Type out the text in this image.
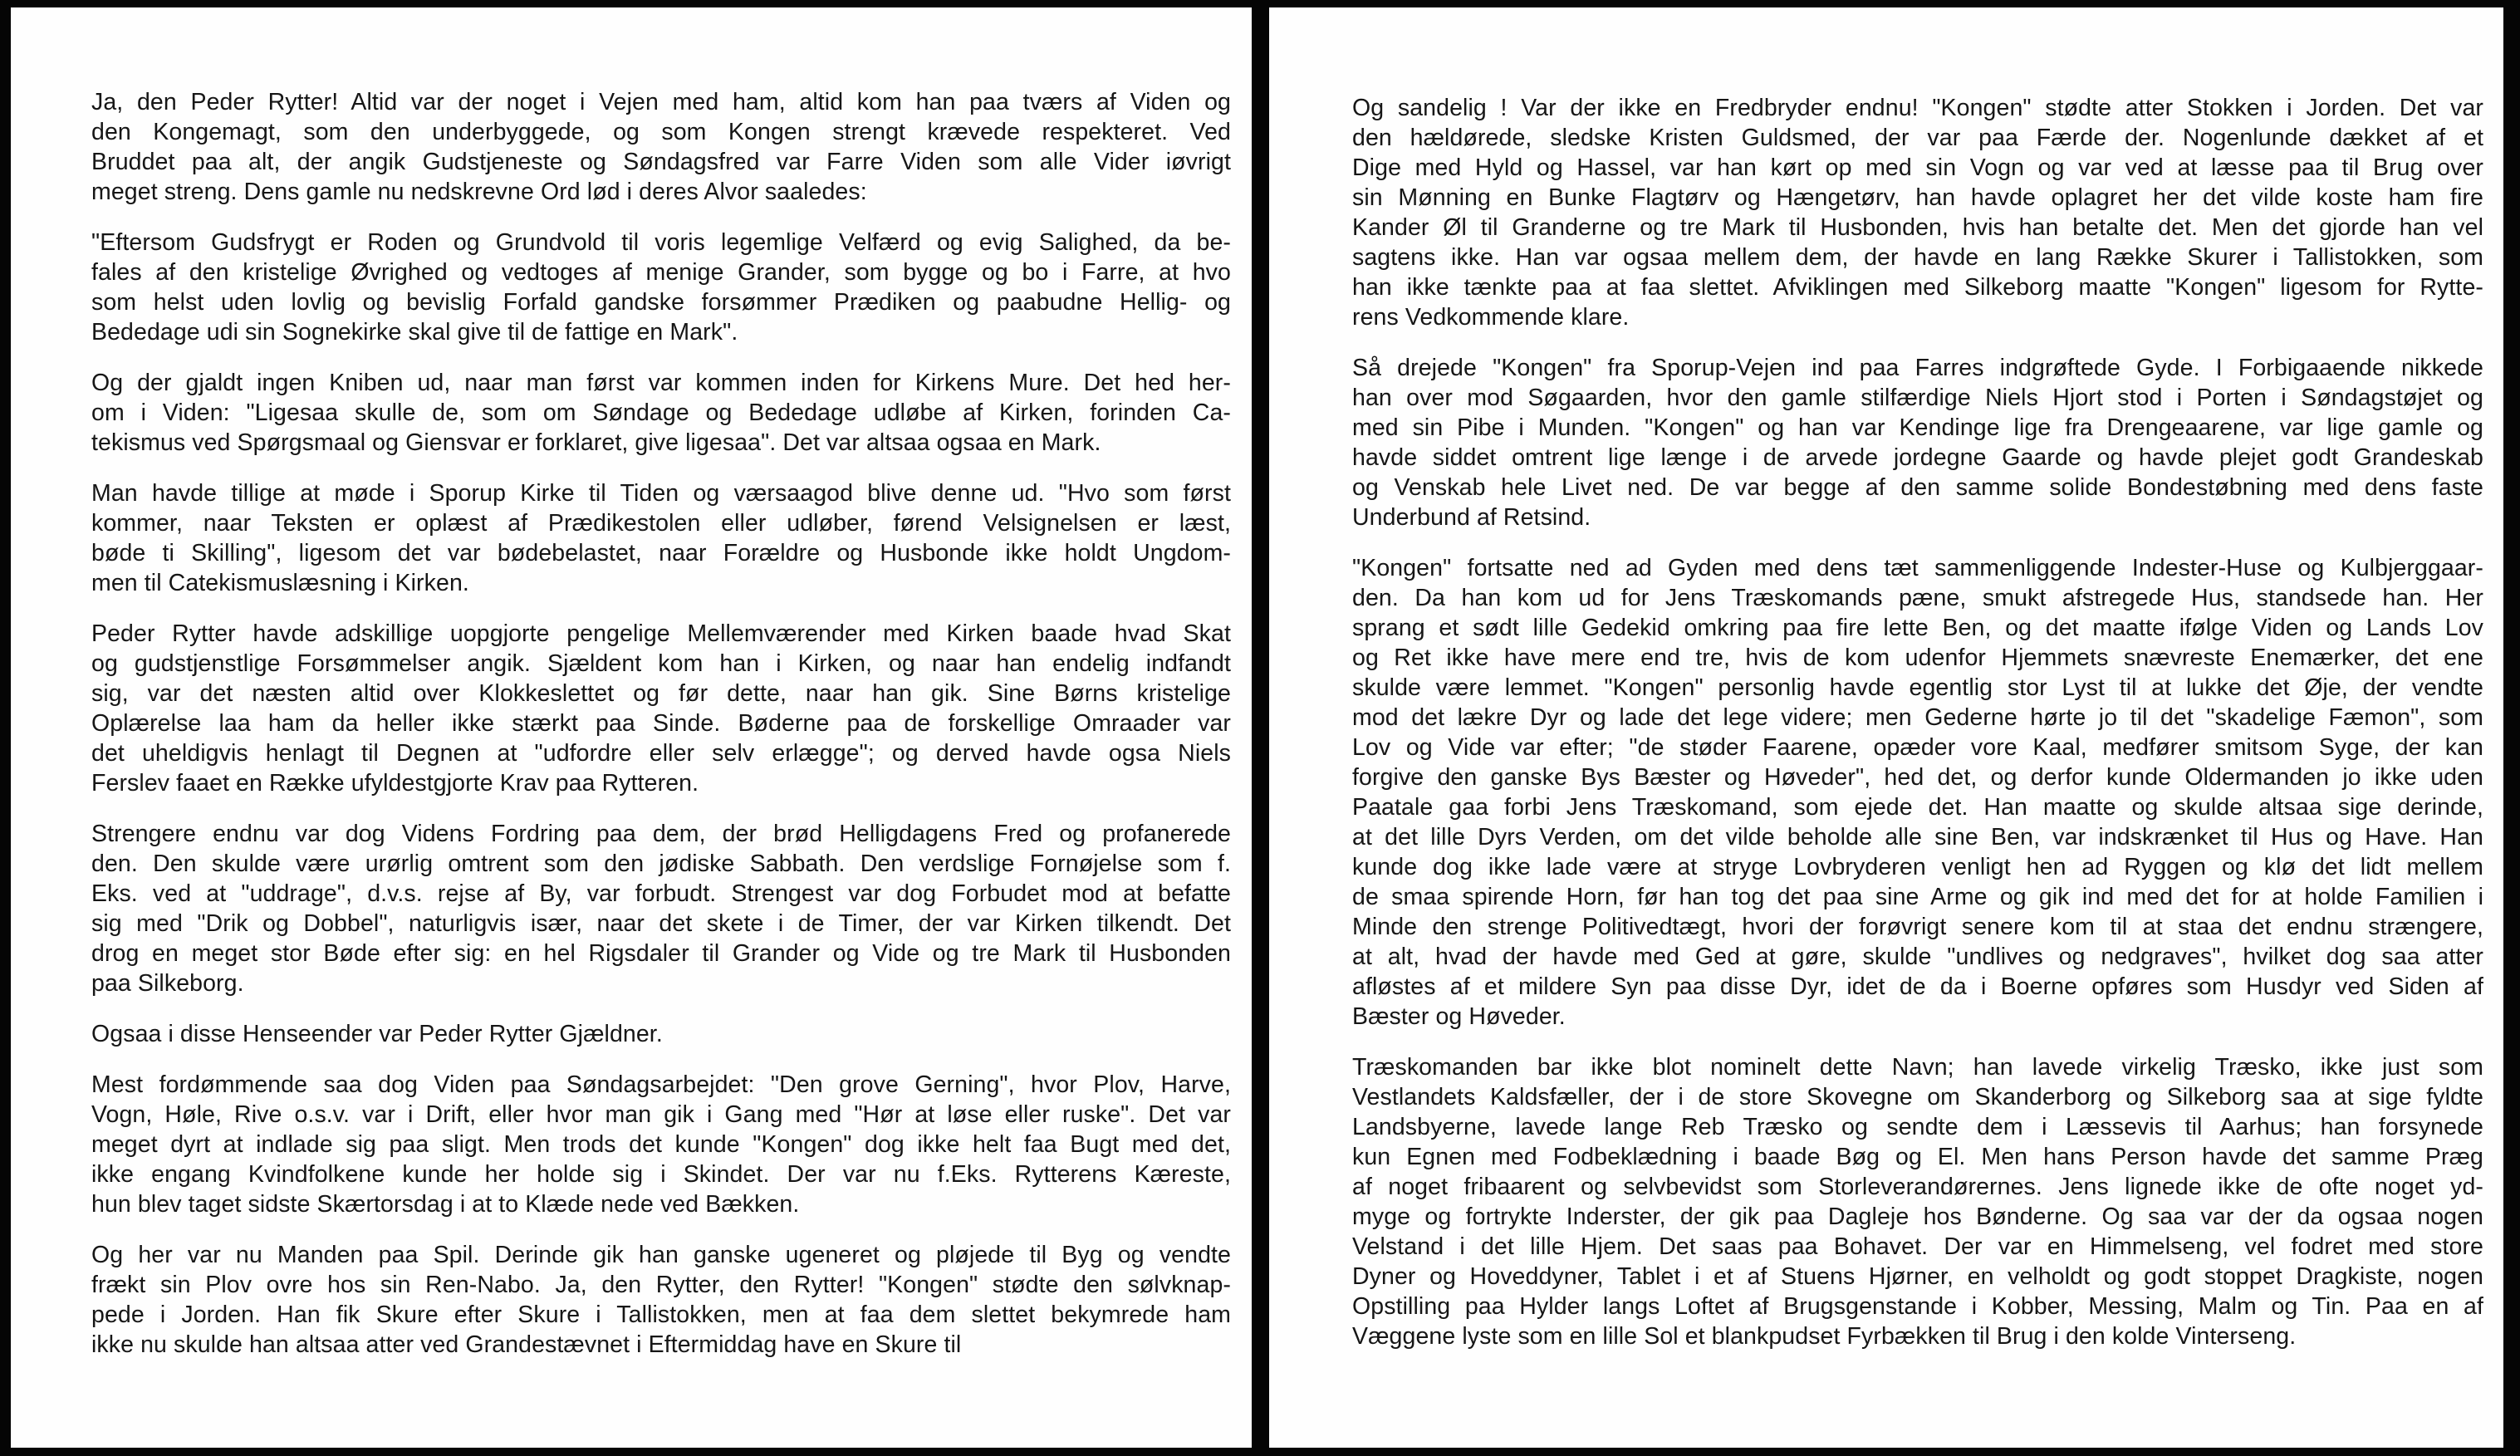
Ja, den Peder Rytter! Altid var der noget i Vejen med ham, altid kom han paa tværs af Viden og
den Kongemagt, som den underbyggede, og som Kongen strengt krævede respekteret. Ved
Bruddet paa alt, der angik Gudstjeneste og Søndagsfred var Farre Viden som alle Vider iøvrigt
meget streng. Dens gamle nu nedskrevne Ord lød i deres Alvor saaledes:
"Eftersom Gudsfrygt er Roden og Grundvold til voris legemlige Velfærd og evig Salighed, da be-
fales af den kristelige Øvrighed og vedtoges af menige Grander, som bygge og bo i Farre, at hvo
som helst uden lovlig og bevislig Forfald gandske forsømmer Prædiken og paabudne Hellig- og
Bededage udi sin Sognekirke skal give til de fattige en Mark".
Og der gjaldt ingen Kniben ud, naar man først var kommen inden for Kirkens Mure. Det hed her-
om i Viden: "Ligesaa skulle de, som om Søndage og Bededage udløbe af Kirken, forinden Ca-
tekismus ved Spørgsmaal og Giensvar er forklaret, give ligesaa". Det var altsaa ogsaa en Mark.
Man havde tillige at møde i Sporup Kirke til Tiden og værsaagod blive denne ud. "Hvo som først
kommer, naar Teksten er oplæst af Prædikestolen eller udløber, førend Velsignelsen er læst,
bøde ti Skilling", ligesom det var bødebelastet, naar Forældre og Husbonde ikke holdt Ungdom-
men til Catekismuslæsning i Kirken.
Peder Rytter havde adskillige uopgjorte pengelige Mellemværender med Kirken baade hvad Skat
og gudstjenstlige Forsømmelser angik. Sjældent kom han i Kirken, og naar han endelig indfandt
sig, var det næsten altid over Klokkeslettet og før dette, naar han gik. Sine Børns kristelige
Oplærelse laa ham da heller ikke stærkt paa Sinde. Bøderne paa de forskellige Omraader var
det uheldigvis henlagt til Degnen at "udfordre eller selv erlægge"; og derved havde ogsa Niels
Ferslev faaet en Række ufyldestgjorte Krav paa Rytteren.
Strengere endnu var dog Videns Fordring paa dem, der brød Helligdagens Fred og profanerede
den. Den skulde være urørlig omtrent som den jødiske Sabbath. Den verdslige Fornøjelse som f.
Eks. ved at "uddrage", d.v.s. rejse af By, var forbudt. Strengest var dog Forbudet mod at befatte
sig med "Drik og Dobbel", naturligvis især, naar det skete i de Timer, der var Kirken tilkendt. Det
drog en meget stor Bøde efter sig: en hel Rigsdaler til Grander og Vide og tre Mark til Husbonden
paa Silkeborg.
Ogsaa i disse Henseender var Peder Rytter Gjældner.
Mest fordømmende saa dog Viden paa Søndagsarbejdet: "Den grove Gerning", hvor Plov, Harve,
Vogn, Høle, Rive o.s.v. var i Drift, eller hvor man gik i Gang med "Hør at løse eller ruske". Det var
meget dyrt at indlade sig paa sligt. Men trods det kunde "Kongen" dog ikke helt faa Bugt med det,
ikke engang Kvindfolkene kunde her holde sig i Skindet. Der var nu f.Eks. Rytterens Kæreste,
hun blev taget sidste Skærtorsdag i at to Klæde nede ved Bækken.
Og her var nu Manden paa Spil. Derinde gik han ganske ugeneret og pløjede til Byg og vendte
frækt sin Plov ovre hos sin Ren-Nabo. Ja, den Rytter, den Rytter! "Kongen" stødte den sølvknap-
pede i Jorden. Han fik Skure efter Skure i Tallistokken, men at faa dem slettet bekymrede ham
ikke nu skulde han altsaa atter ved Grandestævnet i Eftermiddag have en Skure til
Og sandelig ! Var der ikke en Fredbryder endnu! "Kongen" stødte atter Stokken i Jorden. Det var
den hældørede, sledske Kristen Guldsmed, der var paa Færde der. Nogenlunde dækket af et
Dige med Hyld og Hassel, var han kørt op med sin Vogn og var ved at læsse paa til Brug over
sin Mønning en Bunke Flagtørv og Hængetørv, han havde oplagret her det vilde koste ham fire
Kander Øl til Granderne og tre Mark til Husbonden, hvis han betalte det. Men det gjorde han vel
sagtens ikke. Han var ogsaa mellem dem, der havde en lang Række Skurer i Tallistokken, som
han ikke tænkte paa at faa slettet. Afviklingen med Silkeborg maatte "Kongen" ligesom for Rytte-
rens Vedkommende klare.
Så drejede "Kongen" fra Sporup-Vejen ind paa Farres indgrøftede Gyde. I Forbigaaende nikkede
han over mod Søgaarden, hvor den gamle stilfærdige Niels Hjort stod i Porten i Søndagstøjet og
med sin Pibe i Munden. "Kongen" og han var Kendinge lige fra Drengeaarene, var lige gamle og
havde siddet omtrent lige længe i de arvede jordegne Gaarde og havde plejet godt Grandeskab
og Venskab hele Livet ned. De var begge af den samme solide Bondestøbning med dens faste
Underbund af Retsind.
"Kongen" fortsatte ned ad Gyden med dens tæt sammenliggende Indester-Huse og Kulbjerggaar-
den. Da han kom ud for Jens Træskomands pæne, smukt afstregede Hus, standsede han. Her
sprang et sødt lille Gedekid omkring paa fire lette Ben, og det maatte ifølge Viden og Lands Lov
og Ret ikke have mere end tre, hvis de kom udenfor Hjemmets snævreste Enemærker, det ene
skulde være lemmet. "Kongen" personlig havde egentlig stor Lyst til at lukke det Øje, der vendte
mod det lækre Dyr og lade det lege videre; men Gederne hørte jo til det "skadelige Fæmon", som
Lov og Vide var efter; "de støder Faarene, opæder vore Kaal, medfører smitsom Syge, der kan
forgive den ganske Bys Bæster og Høveder", hed det, og derfor kunde Oldermanden jo ikke uden
Paatale gaa forbi Jens Træskomand, som ejede det. Han maatte og skulde altsaa sige derinde,
at det lille Dyrs Verden, om det vilde beholde alle sine Ben, var indskrænket til Hus og Have. Han
kunde dog ikke lade være at stryge Lovbryderen venligt hen ad Ryggen og klø det lidt mellem
de smaa spirende Horn, før han tog det paa sine Arme og gik ind med det for at holde Familien i
Minde den strenge Politivedtægt, hvori der forøvrigt senere kom til at staa det endnu strængere,
at alt, hvad der havde med Ged at gøre, skulde "undlives og nedgraves", hvilket dog saa atter
afløstes af et mildere Syn paa disse Dyr, idet de da i Boerne opføres som Husdyr ved Siden af
Bæster og Høveder.
Træskomanden bar ikke blot nominelt dette Navn; han lavede virkelig Træsko, ikke just som
Vestlandets Kaldsfæller, der i de store Skovegne om Skanderborg og Silkeborg saa at sige fyldte
Landsbyerne, lavede lange Reb Træsko og sendte dem i Læssevis til Aarhus; han forsynede
kun Egnen med Fodbeklædning i baade Bøg og El. Men hans Person havde det samme Præg
af noget fribaarent og selvbevidst som Storleverandørernes. Jens lignede ikke de ofte noget yd-
myge og fortrykte Inderster, der gik paa Dagleje hos Bønderne. Og saa var der da ogsaa nogen
Velstand i det lille Hjem. Det saas paa Bohavet. Der var en Himmelseng, vel fodret med store
Dyner og Hoveddyner, Tablet i et af Stuens Hjørner, en velholdt og godt stoppet Dragkiste, nogen
Opstilling paa Hylder langs Loftet af Brugsgenstande i Kobber, Messing, Malm og Tin. Paa en af
Væggene lyste som en lille Sol et blankpudset Fyrbækken til Brug i den kolde Vinterseng.
